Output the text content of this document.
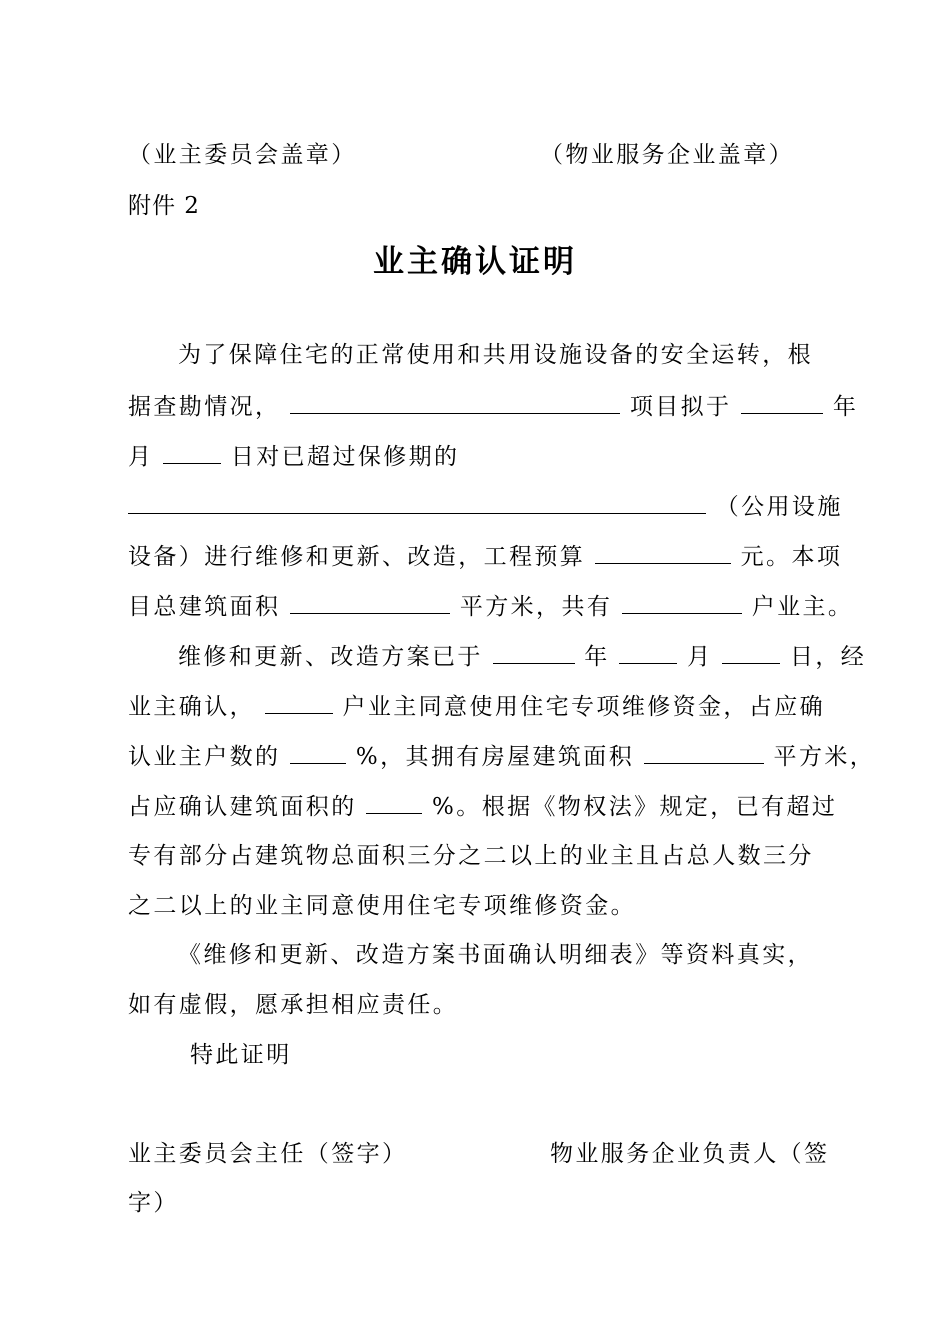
（业主委员会盖章）	（物业服务企业盖章）
附件 2
业主确认证明
为了保障住宅的正常使用和共用设施设备的安全运转，根
据查勘情况，	项目拟于	年
月	日对已超过保修期的
（公用设施
设备）进行维修和更新、改造，工程预算	元。本项
目总建筑面积	平方米，共有	户业主。
维修和更新、改造方案已于	年	月	日，经
业主确认，	户业主同意使用住宅专项维修资金，占应确
认业主户数的	%，其拥有房屋建筑面积	平方米，
占应确认建筑面积的	%。根据《物权法》规定，已有超过
专有部分占建筑物总面积三分之二以上的业主且占总人数三分
之二以上的业主同意使用住宅专项维修资金。
《维修和更新、改造方案书面确认明细表》等资料真实，
如有虚假，愿承担相应责任。
特此证明
业主委员会主任（签字）	物业服务企业负责人（签
字）
